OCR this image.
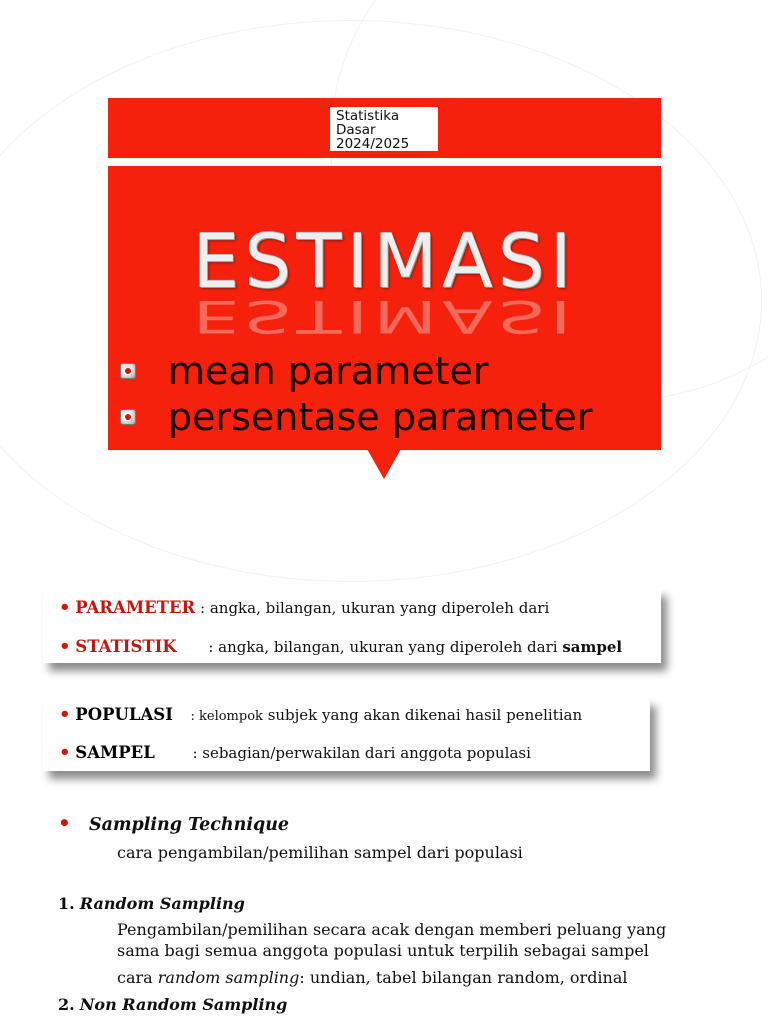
Statistika
Dasar
2024/2025
ESTIMASI
ESTIMASI
mean parameter
persentase parameter
• PARAMETER : angka, bilangan, ukuran yang diperoleh dari
• STATISTIK : angka, bilangan, ukuran yang diperoleh dari sampel
• POPULASI : kelompok subjek yang akan dikenai hasil penelitian
• SAMPEL	: sebagian/perwakilan dari anggota populasi
• Sampling Technique
cara pengambilan/pemilihan sampel dari populasi
1. Random Sampling
Pengambilan/pemilihan secara acak dengan memberi peluang yang
sama bagi semua anggota populasi untuk terpilih sebagai sampel
cara random sampling: undian, tabel bilangan random, ordinal
2. Non Random Sampling
